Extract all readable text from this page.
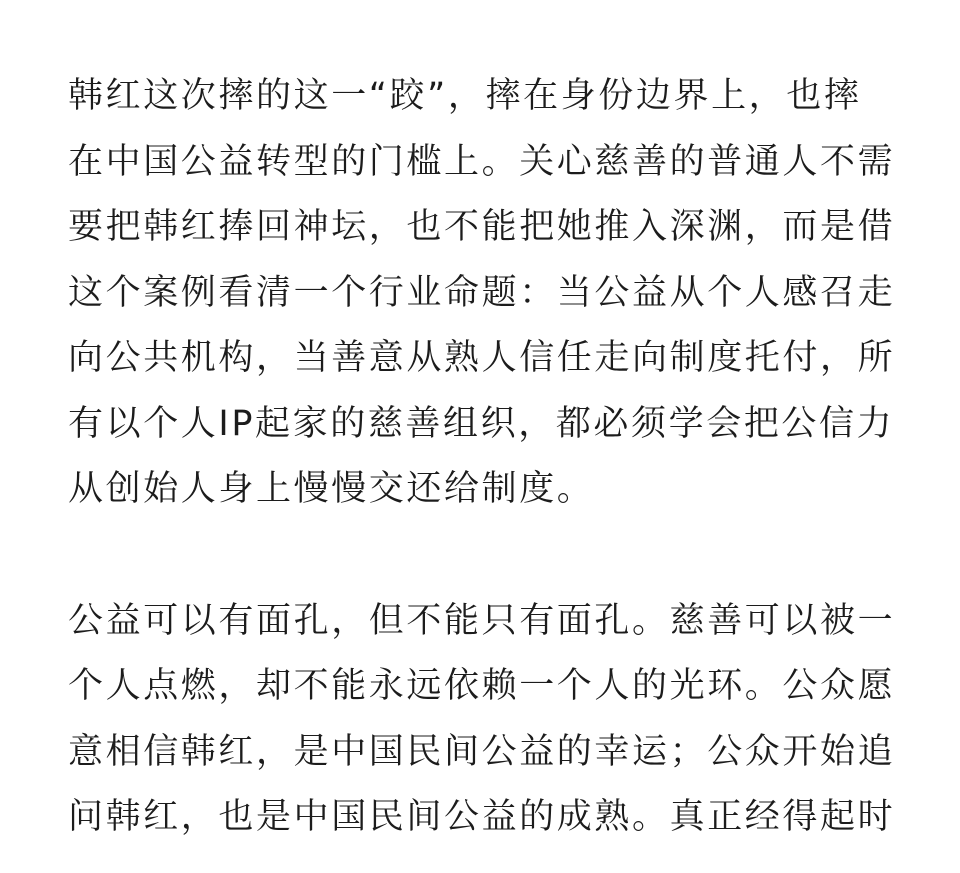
韩红这次摔的这一“跤”，摔在身份边界上，也摔
在中国公益转型的门槛上。关心慈善的普通人不需
要把韩红捧回神坛，也不能把她推入深渊，而是借
这个案例看清一个行业命题：当公益从个人感召走
向公共机构，当善意从熟人信任走向制度托付，所
有以个人IP起家的慈善组织，都必须学会把公信力
从创始人身上慢慢交还给制度。
公益可以有面孔，但不能只有面孔。慈善可以被一
个人点燃，却不能永远依赖一个人的光环。公众愿
意相信韩红，是中国民间公益的幸运；公众开始追
问韩红，也是中国民间公益的成熟。真正经得起时
